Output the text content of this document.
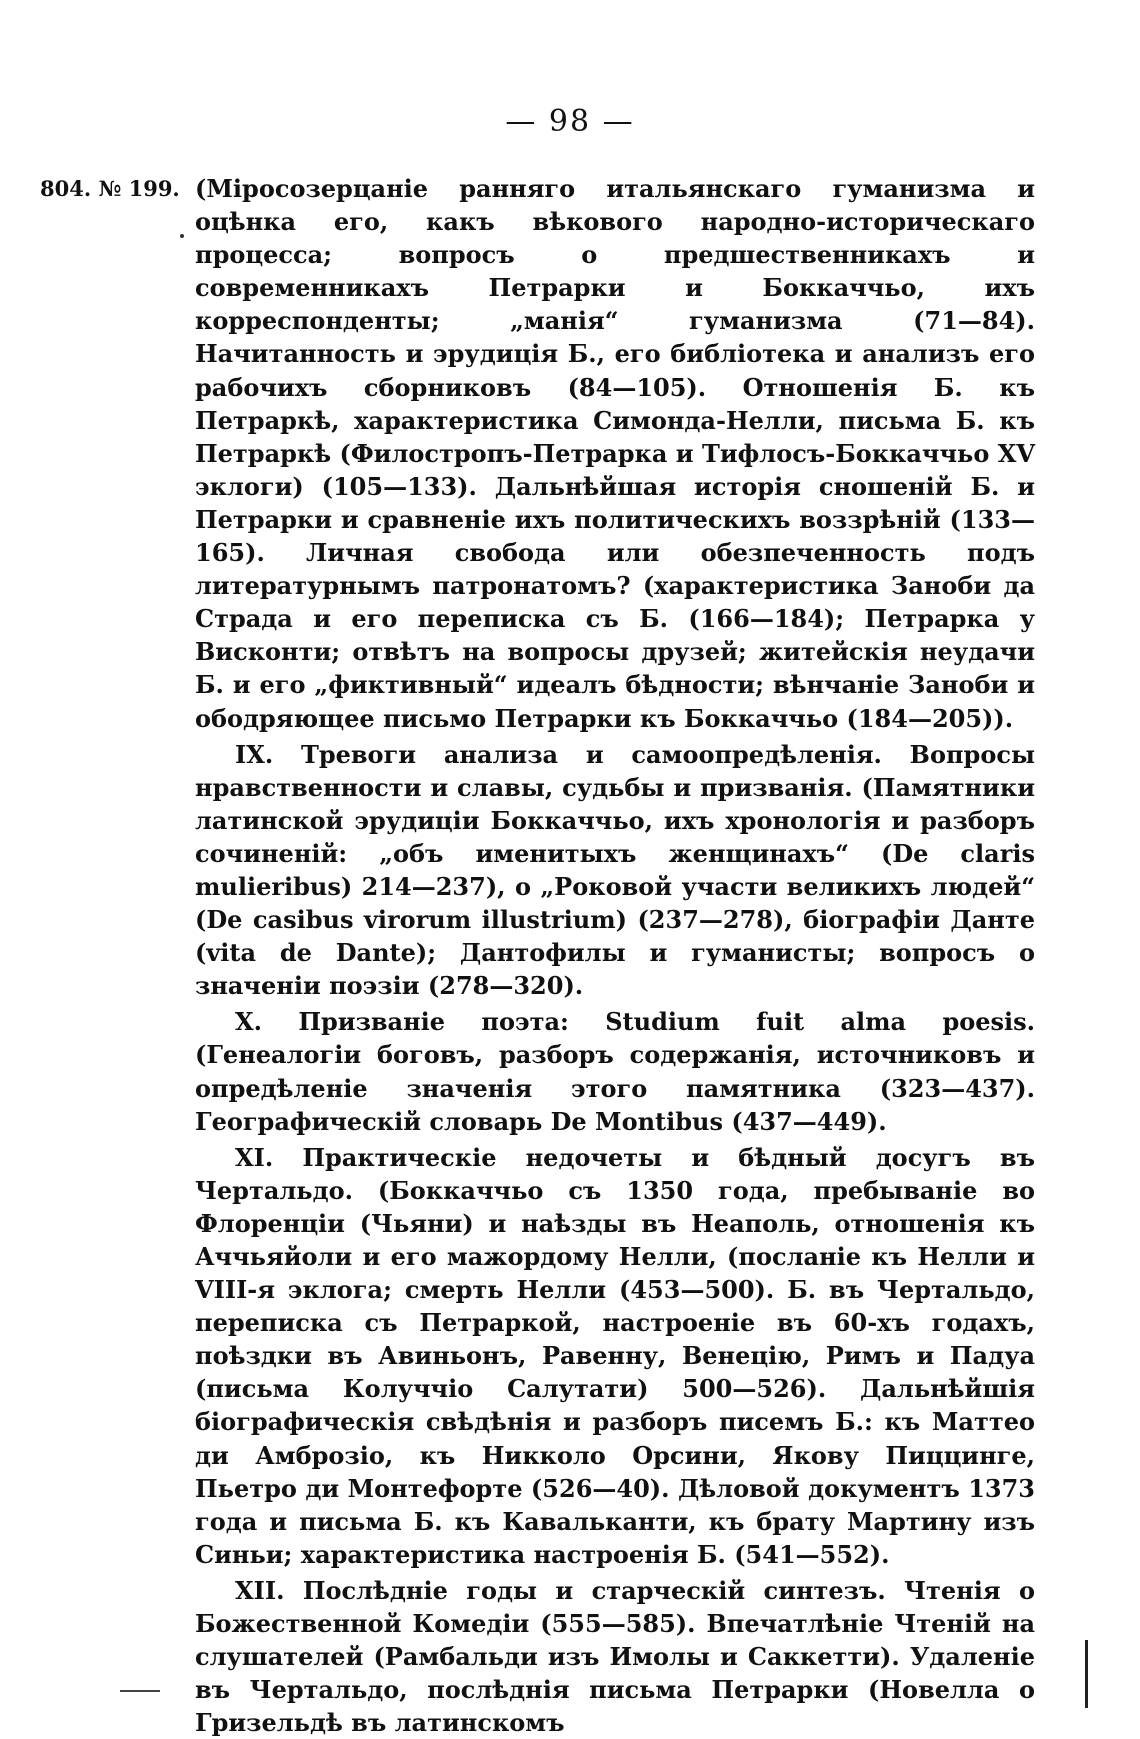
— 98 —
804. № 199. (Міросозерцаніе ранняго итальянскаго гуманизма и оцѣнка его, какъ вѣкового народно-историческаго процесса; вопросъ о предшественникахъ и современникахъ Петрарки и Боккаччьо, ихъ корреспонденты; „манія“ гуманизма (71—84). Начитанность и эрудиція Б., его библіотека и анализъ его рабочихъ сборниковъ (84—105). Отношенія Б. къ Петраркѣ, характеристика Симонда-Нелли, письма Б. къ Петраркѣ (Филостропъ-Петрарка и Тифлосъ-Боккаччьо XV эклоги) (105—133). Дальнѣйшая исторія сношеній Б. и Петрарки и сравненіе ихъ политическихъ воззрѣній (133—165). Личная свобода или обезпеченность подъ литературнымъ патронатомъ? (характеристика Заноби да Страда и его переписка съ Б. (166—184); Петрарка у Висконти; отвѣтъ на вопросы друзей; житейскія неудачи Б. и его „фиктивный“ идеалъ бѣдности; вѣнчаніе Заноби и ободряющее письмо Петрарки къ Боккаччьо (184—205)).

IX. Тревоги анализа и самоопредѣленія. Вопросы нравственности и славы, судьбы и призванія. (Памятники латинской эрудиціи Боккаччьо, ихъ хронологія и разборъ сочиненій: „объ именитыхъ женщинахъ“ (De claris mulieribus) 214—237), о „Роковой участи великихъ людей“ (De casibus virorum illustrium) (237—278), біографіи Данте (vita de Dante); Дантофилы и гуманисты; вопросъ о значеніи поэзіи (278—320).

X. Призваніе поэта: Studium fuit alma poesis. (Генеалогіи боговъ, разборъ содержанія, источниковъ и опредѣленіе значенія этого памятника (323—437). Географическій словарь De Montibus (437—449).

XI. Практическіе недочеты и бѣдный досугъ въ Чертальдо. (Боккаччьо съ 1350 года, пребываніе во Флоренціи (Чьяни) и наѣзды въ Неаполь, отношенія къ Аччьяйоли и его мажордому Нелли, (посланіе къ Нелли и VIII-я эклога; смерть Нелли (453—500). Б. въ Чертальдо, переписка съ Петраркой, настроеніе въ 60-хъ годахъ, поѣздки въ Авиньонъ, Равенну, Венецію, Римъ и Падуа (письма Колуччіо Салутати) 500—526). Дальнѣйшія біографическія свѣдѣнія и разборъ писемъ Б.: къ Маттео ди Амброзіо, къ Никколо Орсини, Якову Пиццинге, Пьетро ди Монтефорте (526—40). Дѣловой документъ 1373 года и письма Б. къ Кавальканти, къ брату Мартину изъ Синьи; характеристика настроенія Б. (541—552).

XII. Послѣдніе годы и старческій синтезъ. Чтенія о Божественной Комедіи (555—585). Впечатлѣніе Чтеній на слушателей (Рамбальди изъ Имолы и Саккетти). Удаленіе въ Чертальдо, послѣднія письма Петрарки (Новелла о Гризельдѣ въ латинскомъ
